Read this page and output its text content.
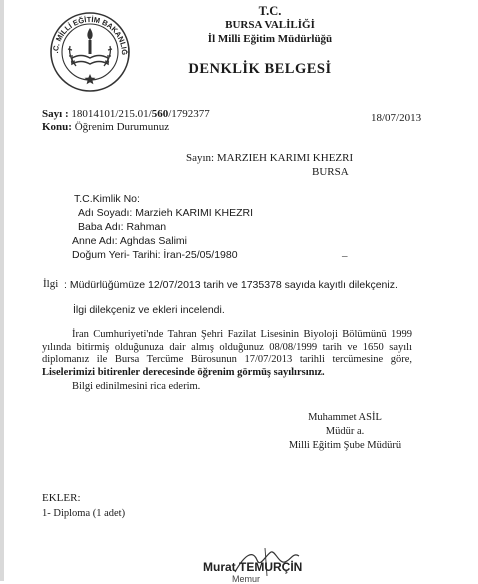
.C. MİLLİ EĞİTİM BAKANLIĞ
T.C.
BURSA VALİLİĞİ
İl Milli Eğitim Müdürlüğü
DENKLİK BELGESİ
Sayı : 18014101/215.01/560/1792377
Konu: Öğrenim Durumunuz
18/07/2013
Sayın: MARZIEH KARIMI KHEZRI
BURSA
T.C.Kimlik No:
Adı Soyadı: Marzieh KARIMI KHEZRI
Baba Adı: Rahman
Anne Adı: Aghdas Salimi
Doğum Yeri- Tarihi: İran-25/05/1980	–
İlgi : Müdürlüğümüze 12/07/2013 tarih ve 1735378 sayıda kayıtlı dilekçeniz.
İlgi dilekçeniz ve ekleri incelendi.
İran Cumhuriyeti'nde Tahran Şehri Fazilat Lisesinin Biyoloji Bölümünü 1999 yılında bitirmiş olduğunuza dair almış olduğunuz 08/08/1999 tarih ve 1650 sayılı diplomanız ile Bursa Tercüme Bürosunun 17/07/2013 tarihli tercümesine göre, Liselerimizi bitirenler derecesinde öğrenim görmüş sayılırsınız.
Bilgi edinilmesini rica ederim.
Muhammet ASİL
Müdür a.
Milli Eğitim Şube Müdürü
EKLER:
1- Diploma (1 adet)
Murat TEMURÇİN
Memur
